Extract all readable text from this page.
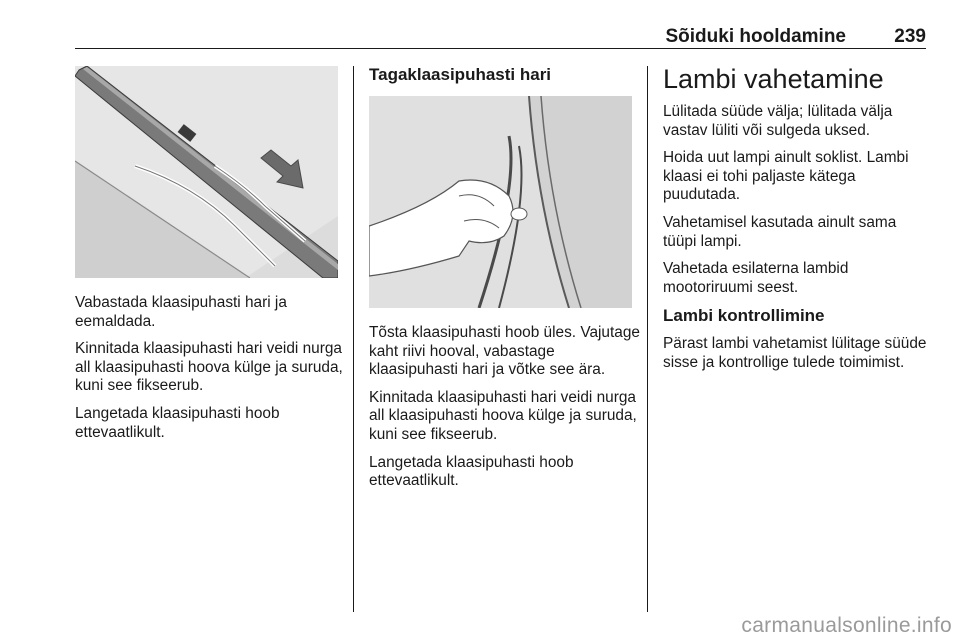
Sõiduki hooldamine	239

Vabastada klaasipuhasti hari ja eemaldada.

Kinnitada klaasipuhasti hari veidi nurga all klaasipuhasti hoova külge ja suruda, kuni see fikseerub.

Langetada klaasipuhasti hoob ettevaatlikult.

Tagaklaasipuhasti hari

Tõsta klaasipuhasti hoob üles. Vajutage kaht riivi hooval, vabastage klaasipuhasti hari ja võtke see ära.

Kinnitada klaasipuhasti hari veidi nurga all klaasipuhasti hoova külge ja suruda, kuni see fikseerub.

Langetada klaasipuhasti hoob ettevaatlikult.

Lambi vahetamine

Lülitada süüde välja; lülitada välja vastav lüliti või sulgeda uksed.

Hoida uut lampi ainult soklist. Lambi klaasi ei tohi paljaste kätega puudutada.

Vahetamisel kasutada ainult sama tüüpi lampi.

Vahetada esilaterna lambid mootoriruumi seest.

Lambi kontrollimine

Pärast lambi vahetamist lülitage süüde sisse ja kontrollige tulede toimimist.

carmanualsonline.info
